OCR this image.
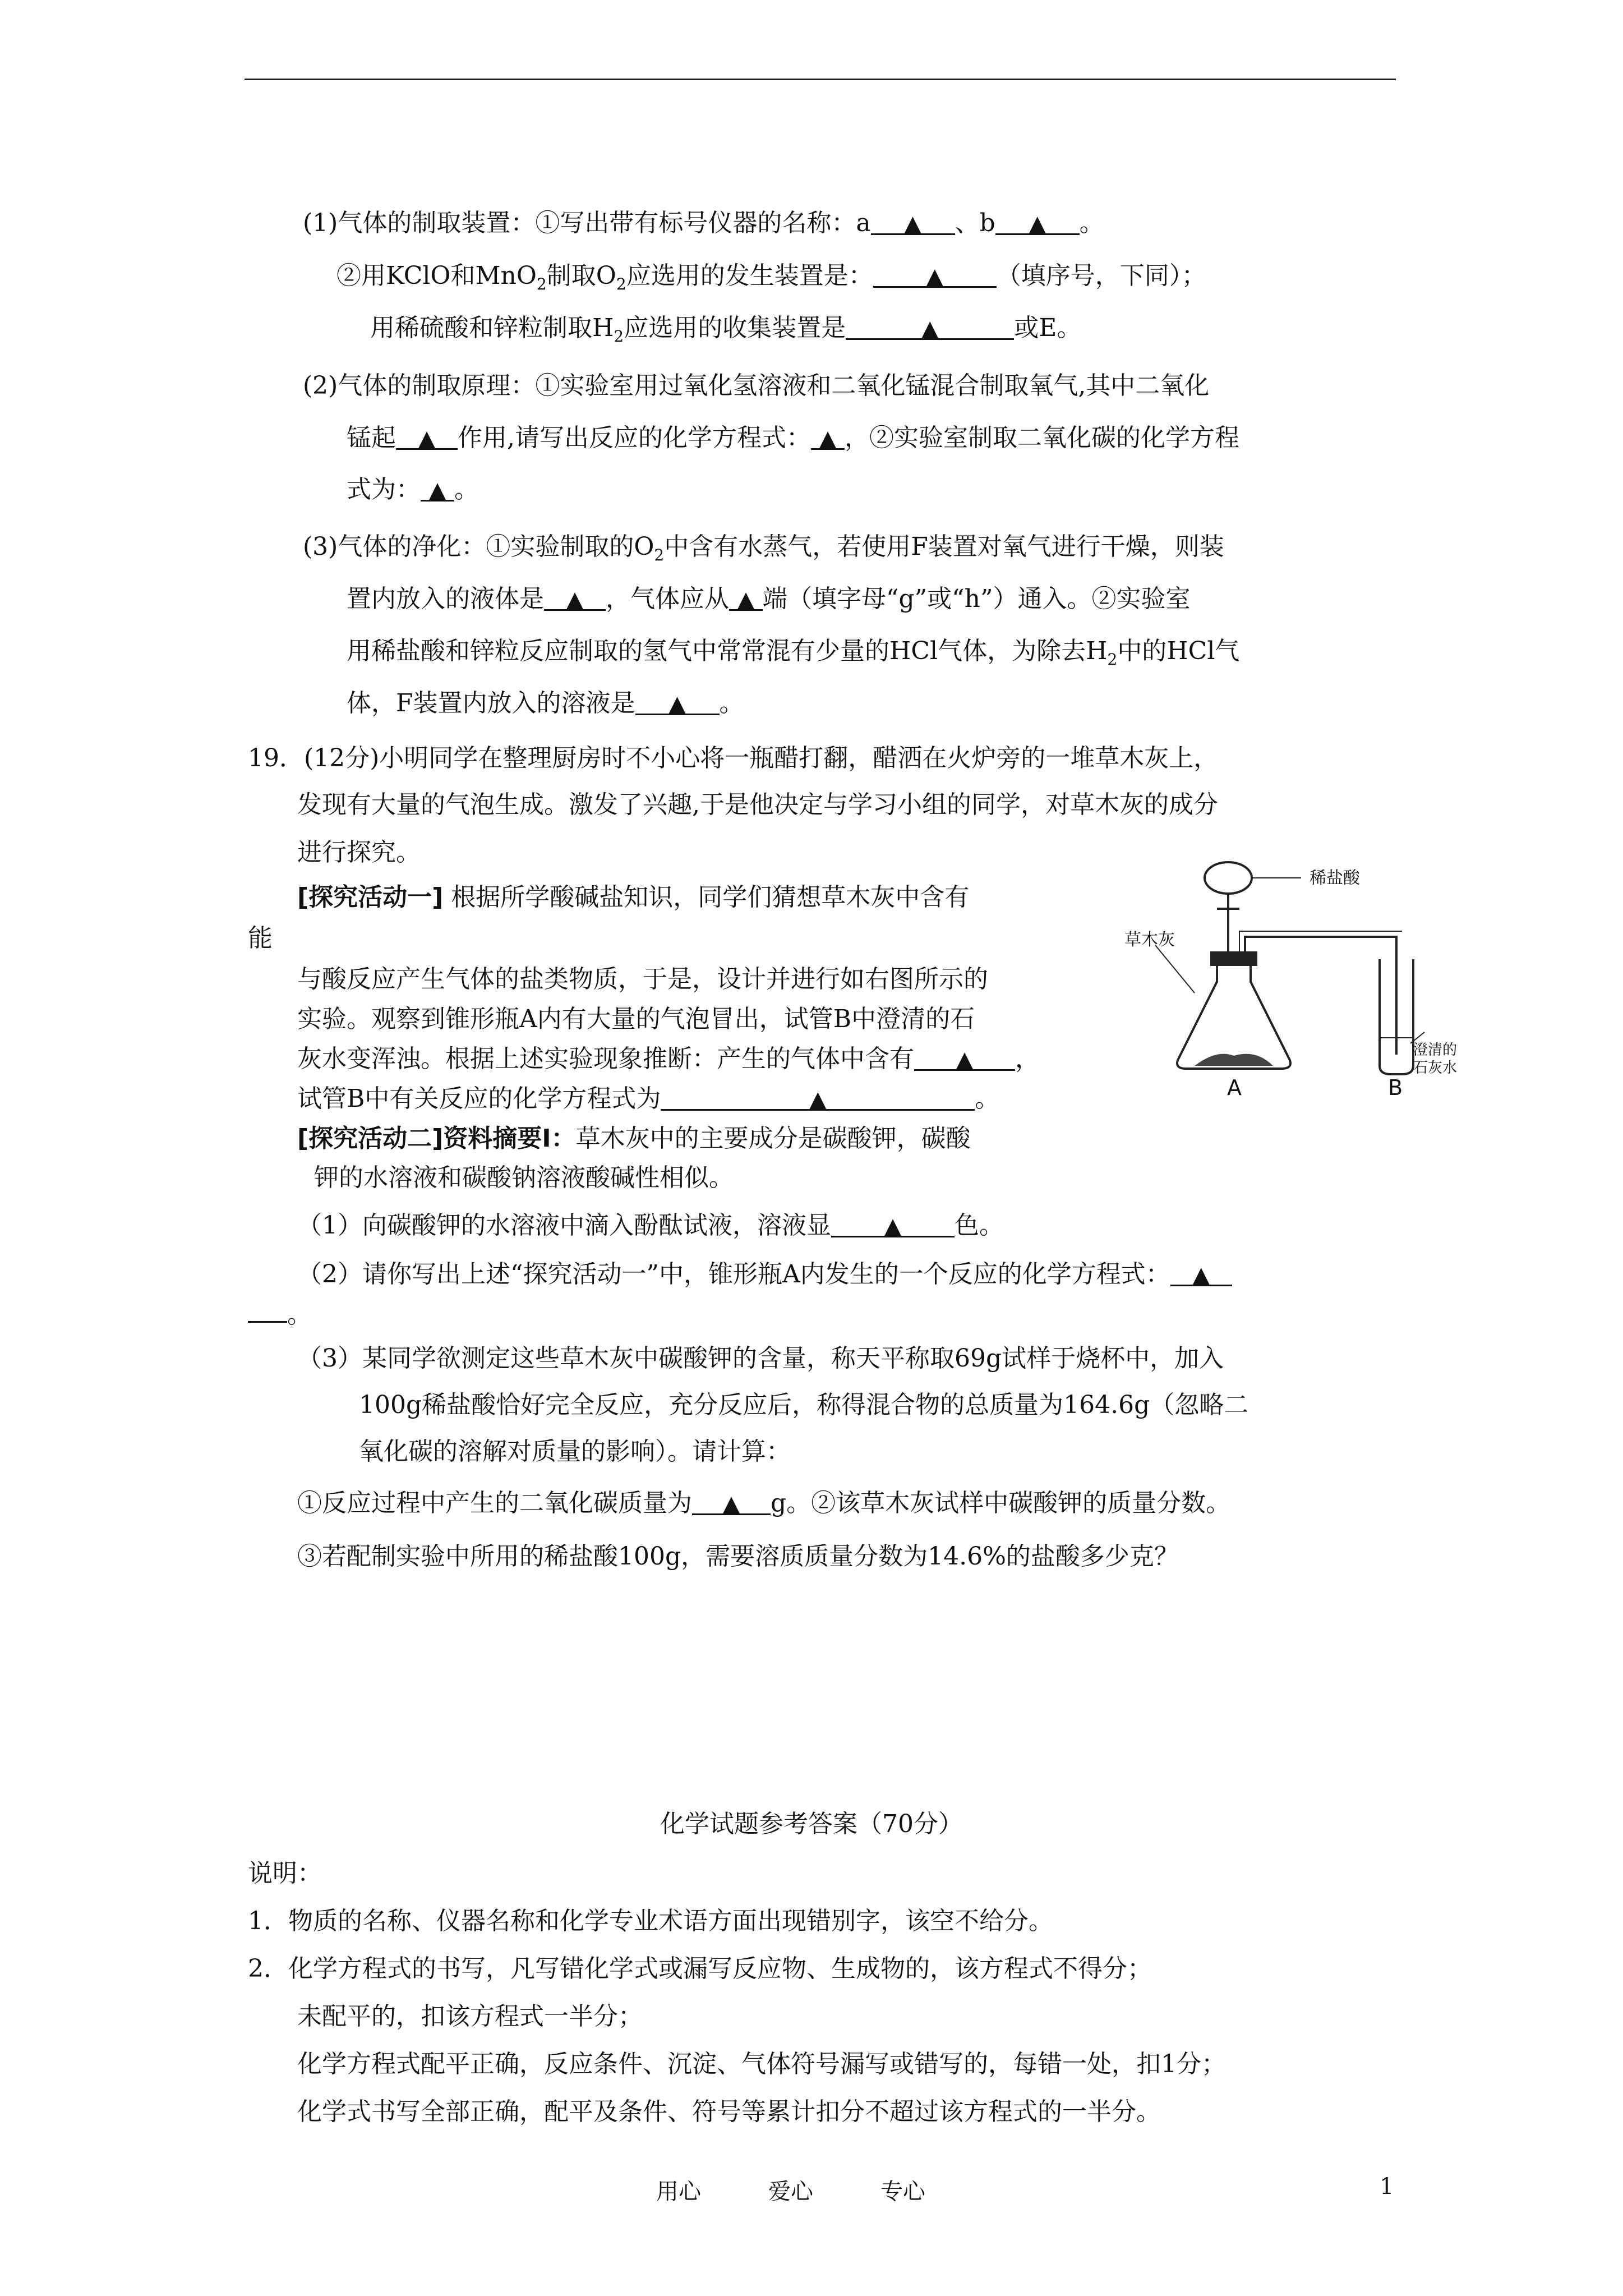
(1)气体的制取装置：①写出带有标号仪器的名称：a ▲ 、b ▲ 。
②用KClO和MnO$_2$制取$O_2$应选用的发生装置是： ▲ （填序号，下同）；
用稀硫酸和锌粒制取$H_2$应选用的收集装置是	▲	或E。
(2)气体的制取原理：①实验室用过氧化氢溶液和二氧化锰混合制取氧气,其中二氧化
锰起 ▲ 作用,请写出反应的化学方程式： ▲ ，②实验室制取二氧化碳的化学方程
式为： ▲ 。
(3)气体的净化：①实验制取的$O_2$中含有水蒸气，若使用F装置对氧气进行干燥，则装
置内放入的液体是 ▲ ，气体应从 ▲ 端（填字母“g”或“h”）通入。②实验室
用稀盐酸和锌粒反应制取的氢气中常常混有少量的HCl气体，为除去$H_2$中的HCl气
体，F装置内放入的溶液是 ▲ 。
19．(12分)小明同学在整理厨房时不小心将一瓶醋打翻，醋洒在火炉旁的一堆草木灰上，
发现有大量的气泡生成。激发了兴趣,于是他决定与学习小组的同学，对草木灰的成分
进行探究。
[探究活动一] 根据所学酸碱盐知识，同学们猜想草木灰中含有
能
与酸反应产生气体的盐类物质，于是，设计并进行如右图所示的
实验。观察到锥形瓶A内有大量的气泡冒出，试管B中澄清的石
灰水变浑浊。根据上述实验现象推断：产生的气体中含有 ▲ ，
试管B中有关反应的化学方程式为	▲	。
稀盐酸
草木灰
澄清的
石灰水
A	B
[探究活动二]资料摘要Ⅰ：草木灰中的主要成分是碳酸钾，碳酸
钾的水溶液和碳酸钠溶液酸碱性相似。
（1）向碳酸钾的水溶液中滴入酚酞试液，溶液显 ▲ 色。
（2）请你写出上述“探究活动一”中，锥形瓶A内发生的一个反应的化学方程式： ▲
。
（3）某同学欲测定这些草木灰中碳酸钾的含量，称天平称取69g试样于烧杯中，加入
100g稀盐酸恰好完全反应，充分反应后，称得混合物的总质量为164.6g（忽略二
氧化碳的溶解对质量的影响）。请计算：
①反应过程中产生的二氧化碳质量为 ▲ g。②该草木灰试样中碳酸钾的质量分数。
③若配制实验中所用的稀盐酸100g，需要溶质质量分数为14.6%的盐酸多少克？
化学试题参考答案（70分）
说明：
1．物质的名称、仪器名称和化学专业术语方面出现错别字，该空不给分。
2．化学方程式的书写，凡写错化学式或漏写反应物、生成物的，该方程式不得分；
未配平的，扣该方程式一半分；
化学方程式配平正确，反应条件、沉淀、气体符号漏写或错写的，每错一处，扣1分；
化学式书写全部正确，配平及条件、符号等累计扣分不超过该方程式的一半分。
用心	爱心	专心	1
